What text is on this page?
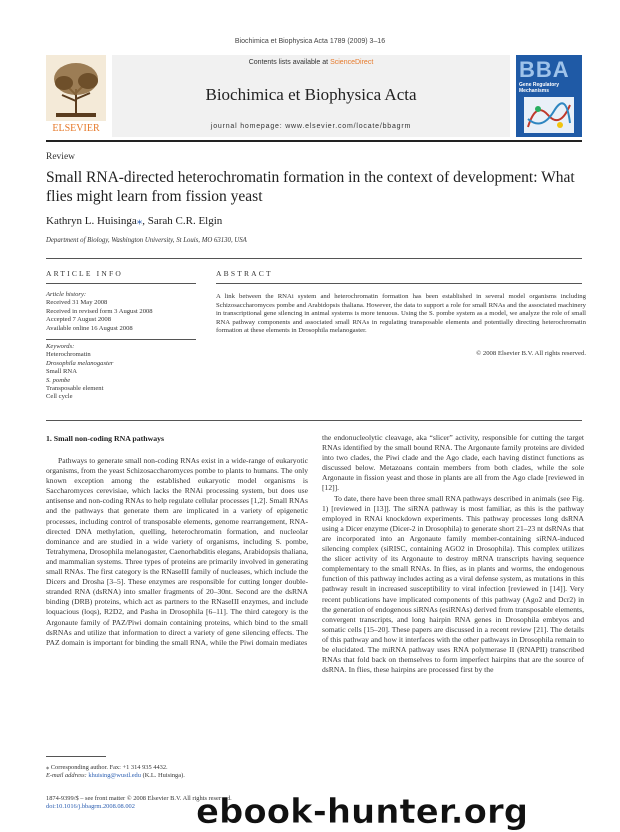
Biochimica et Biophysica Acta 1789 (2009) 3–16
ELSEVIER
Contents lists available at ScienceDirect
Biochimica et Biophysica Acta
journal homepage: www.elsevier.com/locate/bbagrm
BBA
Gene Regulatory Mechanisms
Review
Small RNA-directed heterochromatin formation in the context of development: What flies might learn from fission yeast
Kathryn L. Huisinga⁎, Sarah C.R. Elgin
Department of Biology, Washington University, St Louis, MO 63130, USA
ARTICLE INFO	ABSTRACT
Article history:
Received 31 May 2008
Received in revised form 3 August 2008
Accepted 7 August 2008
Available online 16 August 2008
Keywords:
Heterochromatin
Drosophila melanogaster
Small RNA
S. pombe
Transposable element
Cell cycle

A link between the RNAi system and heterochromatin formation has been established in several model organisms including Schizosaccharomyces pombe and Arabidopsis thaliana. However, the data to support a role for small RNAs and the associated machinery in transcriptional gene silencing in animal systems is more tenuous. Using the S. pombe system as a model, we analyze the role of small RNA pathway components and associated small RNAs in regulating transposable elements and potentially directing heterochromatin formation at these elements in Drosophila melanogaster.

© 2008 Elsevier B.V. All rights reserved.
1. Small non-coding RNA pathways

Pathways to generate small non-coding RNAs exist in a wide-range of eukaryotic organisms, from the yeast Schizosaccharomyces pombe to plants to humans. The only known exception among the established eukaryotic model organisms is Saccharomyces cerevisiae, which lacks the RNAi processing system, but does use antisense and non-coding RNAs to help regulate cellular processes [1,2]. Small RNAs and the pathways that generate them are implicated in a variety of epigenetic processes, including control of transposable elements, genome rearrangement, RNA-directed DNA methylation, quelling, heterochromatin formation, and nucleolar dominance and are studied in a wide variety of organisms, including S. pombe, Tetrahymena, Drosophila melanogaster, Caenorhabditis elegans, Arabidopsis thaliana, and mammalian systems. Three types of proteins are primarily involved in generating small RNAs. The first category is the RNaseIII family of nucleases, which include the Dicers and Drosha [3–5]. These enzymes are responsible for cutting longer double-stranded RNA (dsRNA) into smaller fragments of 20–30nt. Second are the dsRNA binding (DRB) proteins, which act as partners to the RNaseIII enzymes, and include loquacious (loqs), R2D2, and Pasha in Drosophila [6–11]. The third category is the Argonaute family of PAZ/Piwi domain containing proteins, which bind to the small dsRNAs and utilize that information to direct a variety of gene silencing effects. The PAZ domain is important for binding the small RNA, while the Piwi domain mediates

the endonucleolytic cleavage, aka “slicer” activity, responsible for cutting the target RNAs identified by the small bound RNA. The Argonaute family proteins are divided into two clades, the Piwi clade and the Ago clade, each having distinct functions as discussed below. Metazoans contain members from both clades, while the sole Argonaute in fission yeast and those in plants are all from the Ago clade [reviewed in [12]].

To date, there have been three small RNA pathways described in animals (see Fig. 1) [reviewed in [13]]. The siRNA pathway is most familiar, as this is the pathway employed in RNAi knockdown experiments. This pathway processes long dsRNA using a Dicer enzyme (Dicer-2 in Drosophila) to generate short 21–23 nt dsRNAs that are incorporated into an Argonaute family member-containing siRNA-induced silencing complex (siRISC, containing AGO2 in Drosophila). This complex utilizes the slicer activity of its Argonaute to destroy mRNA transcripts having sequence complementary to the small RNAs. In flies, as in plants and worms, the endogenous function of this pathway includes acting as a viral defense system, as mutations in this pathway result in increased susceptibility to viral infection [reviewed in [14]]. Very recent publications have implicated components of this pathway (Ago2 and Dcr2) in the generation of endogenous siRNAs (esiRNAs) derived from transposable elements, convergent transcripts, and long hairpin RNA genes in Drosophila embryos and somatic cells [15–20]. These papers are discussed in a recent review [21]. The details of this pathway and how it interfaces with the other pathways in Drosophila remain to be elucidated. The miRNA pathway uses RNA polymerase II (RNAPII) transcribed RNAs that fold back on themselves to form imperfect hairpins that are the source of dsRNA. In flies, these hairpins are processed first by the

⁎ Corresponding author. Fax: +1 314 935 4432.
E-mail address: khuising@wustl.edu (K.L. Huisinga).
1874-9399/$ – see front matter © 2008 Elsevier B.V. All rights reserved.
doi:10.1016/j.bbagrm.2008.08.002	ebook-hunter.org
